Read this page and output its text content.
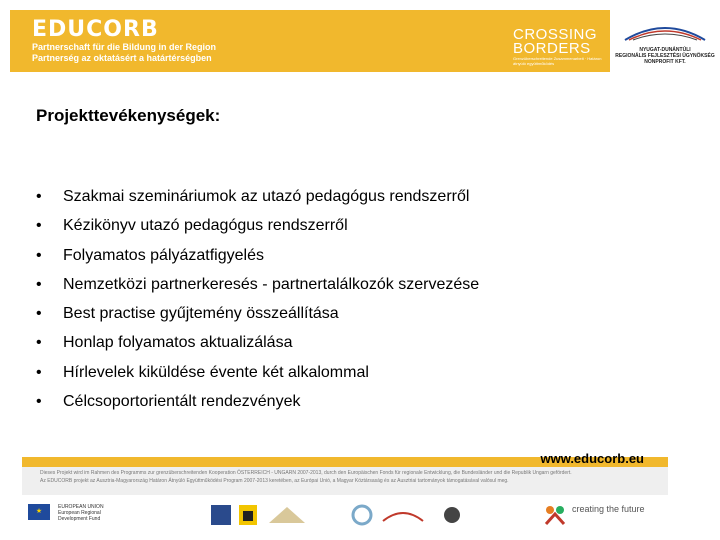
EDUCORB
Partnerschaft für die Bildung in der Region
Partnerség az oktatásért a határtérségben
CROSSING
BORDERS
Grenzüberschreitende Zusammenarbeit · Határon átnyúló együttműködés
NYUGAT-DUNÁNTÚLI
REGIONÁLIS FEJLESZTÉSI ÜGYNÖKSÉG
NONPROFIT KFT.
Projekttevékenységek:
• Szakmai szemináriumok az utazó pedagógus rendszerről
• Kézikönyv utazó pedagógus rendszerről
• Folyamatos pályázatfigyelés
• Nemzetközi partnerkeresés - partnertalálkozók szervezése
• Best practise gyűjtemény összeállítása
• Honlap folyamatos aktualizálása
• Hírlevelek kiküldése évente két alkalommal
• Célcsoportorientált rendezvények
www.educorb.eu
Dieses Projekt wird im Rahmen des Programms zur grenzüberschreitenden Kooperation ÖSTERREICH - UNGARN 2007-2013, durch den Europäischen Fonds für regionale Entwicklung, die Bundesländer und die Republik Ungarn gefördert.
Az EDUCORB projekt az Ausztria-Magyarország Határon Átnyúló Együttműködési Program 2007-2013 keretében, az Európai Unió, a Magyar Köztársaság és az Ausztriai tartományok támogatásával valósul meg.
★
EUROPEAN UNION
European Regional
Development Fund
creating the future
